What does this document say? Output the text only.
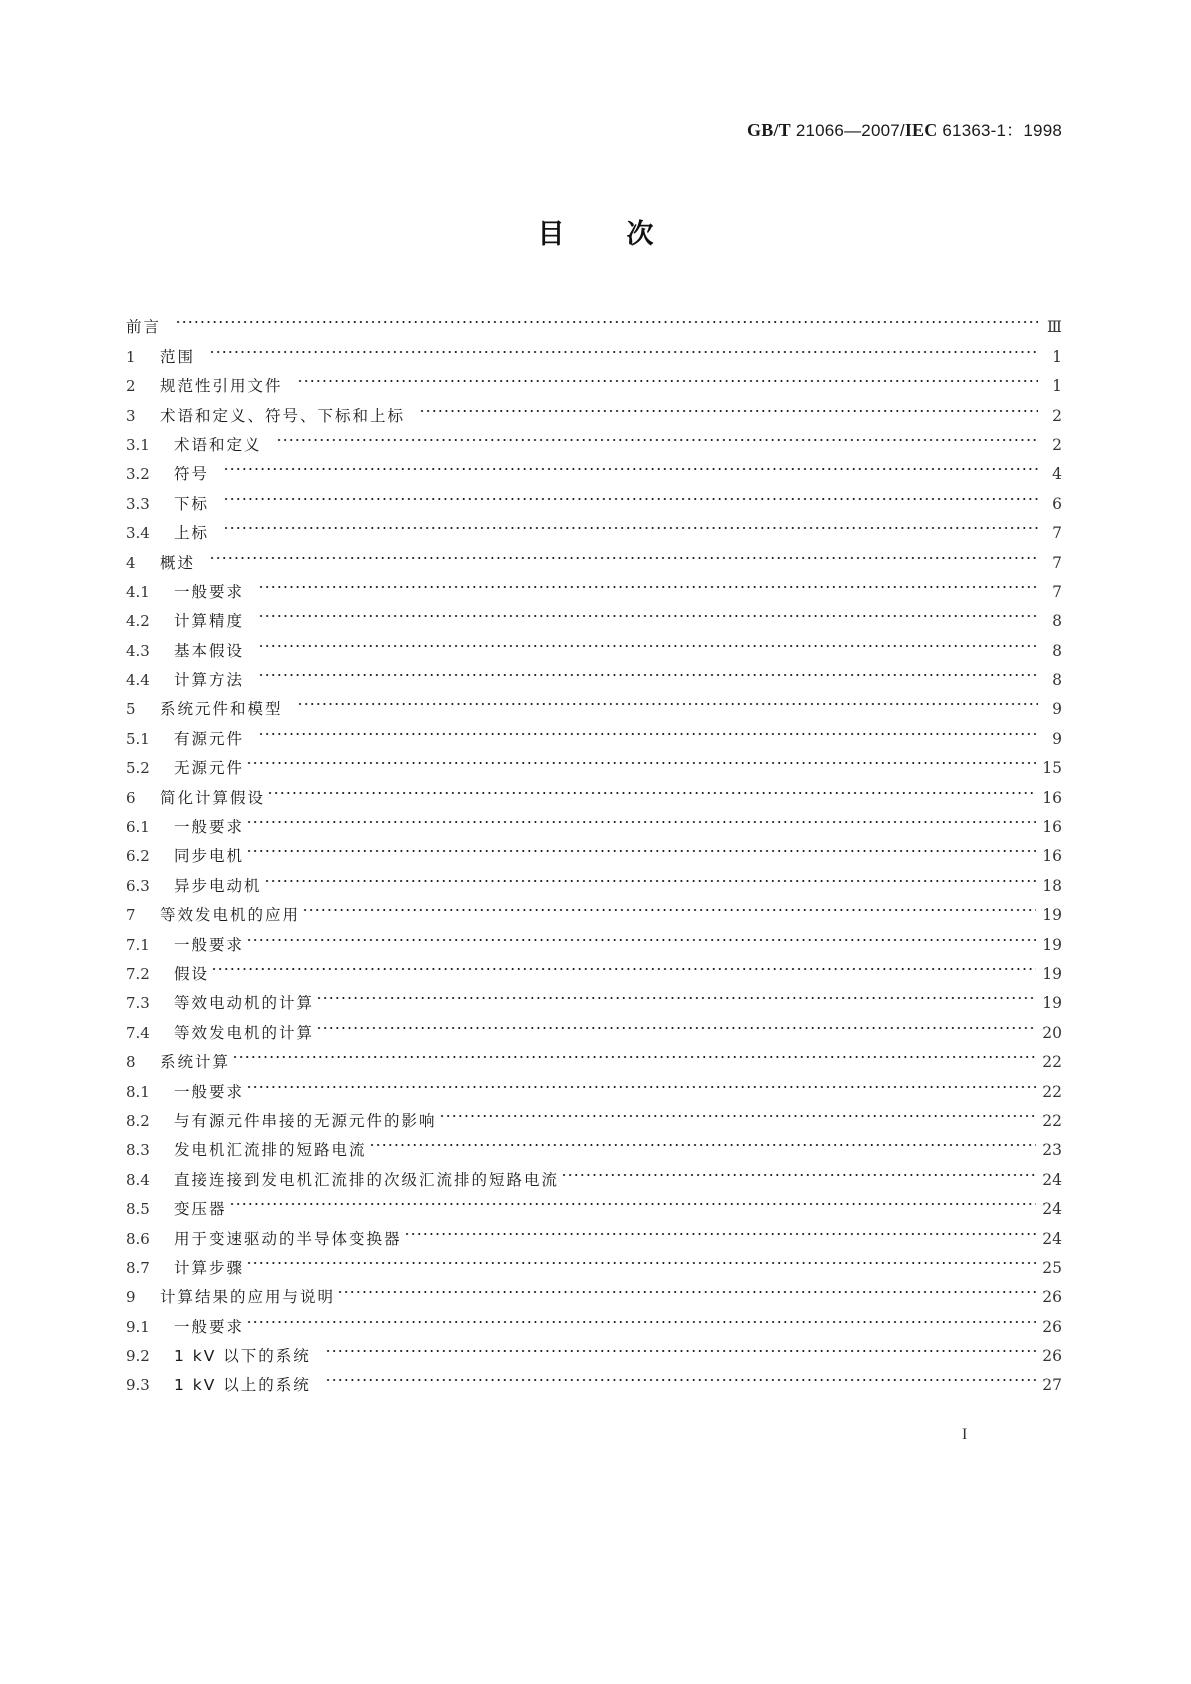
GB/T 21066—2007/IEC 61363-1：1998
目 次
前言	Ⅲ
1	范围	1
2	规范性引用文件	1
3	术语和定义、符号、下标和上标	2
3.1	术语和定义	2
3.2	符号	4
3.3	下标	6
3.4	上标	7
4	概述	7
4.1	一般要求	7
4.2	计算精度	8
4.3	基本假设	8
4.4	计算方法	8
5	系统元件和模型	9
5.1	有源元件	9
5.2	无源元件	15
6	简化计算假设	16
6.1	一般要求	16
6.2	同步电机	16
6.3	异步电动机	18
7	等效发电机的应用	19
7.1	一般要求	19
7.2	假设	19
7.3	等效电动机的计算	19
7.4	等效发电机的计算	20
8	系统计算	22
8.1	一般要求	22
8.2	与有源元件串接的无源元件的影响	22
8.3	发电机汇流排的短路电流	23
8.4	直接连接到发电机汇流排的次级汇流排的短路电流	24
8.5	变压器	24
8.6	用于变速驱动的半导体变换器	24
8.7	计算步骤	25
9	计算结果的应用与说明	26
9.1	一般要求	26
9.2	1 kV 以下的系统	26
9.3	1 kV 以上的系统	27
I
